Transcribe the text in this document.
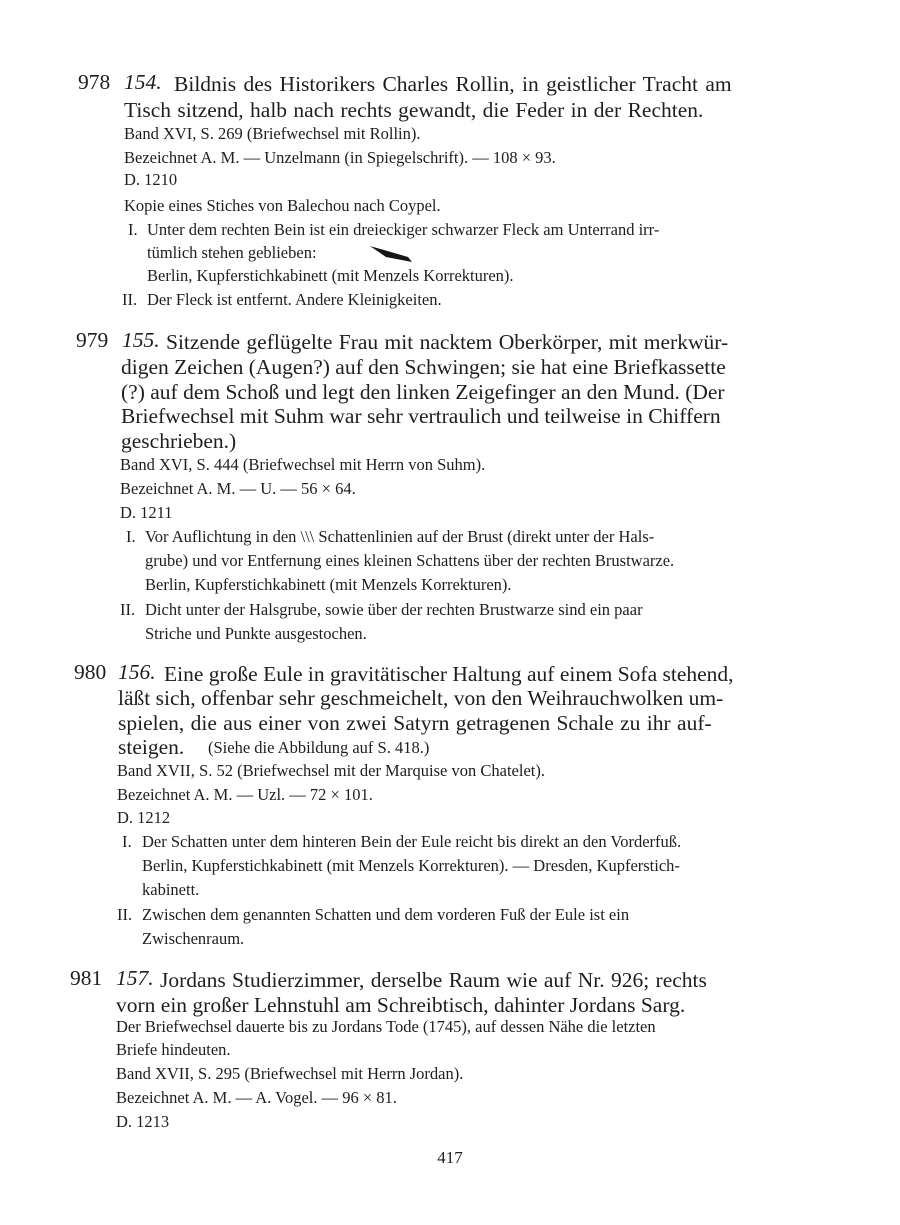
978 154. Bildnis des Historikers Charles Rollin, in geistlicher Tracht am
Tisch sitzend, halb nach rechts gewandt, die Feder in der Rechten.
Band XVI, S. 269 (Briefwechsel mit Rollin).
Bezeichnet A. M. — Unzelmann (in Spiegelschrift). — 108 × 93.
D. 1210
Kopie eines Stiches von Balechou nach Coypel.
I. Unter dem rechten Bein ist ein dreieckiger schwarzer Fleck am Unterrand irr-
tümlich stehen geblieben:
Berlin, Kupferstichkabinett (mit Menzels Korrekturen).
II. Der Fleck ist entfernt. Andere Kleinigkeiten.
979 155. Sitzende geflügelte Frau mit nacktem Oberkörper, mit merkwür-
digen Zeichen (Augen?) auf den Schwingen; sie hat eine Briefkassette
(?) auf dem Schoß und legt den linken Zeigefinger an den Mund. (Der
Briefwechsel mit Suhm war sehr vertraulich und teilweise in Chiffern
geschrieben.)
Band XVI, S. 444 (Briefwechsel mit Herrn von Suhm).
Bezeichnet A. M. — U. — 56 × 64.
D. 1211
I. Vor Auflichtung in den \\\ Schattenlinien auf der Brust (direkt unter der Hals-
grube) und vor Entfernung eines kleinen Schattens über der rechten Brustwarze.
Berlin, Kupferstichkabinett (mit Menzels Korrekturen).
II. Dicht unter der Halsgrube, sowie über der rechten Brustwarze sind ein paar
Striche und Punkte ausgestochen.
980 156. Eine große Eule in gravitätischer Haltung auf einem Sofa stehend,
läßt sich, offenbar sehr geschmeichelt, von den Weihrauchwolken um-
spielen, die aus einer von zwei Satyrn getragenen Schale zu ihr auf-
steigen. (Siehe die Abbildung auf S. 418.)
Band XVII, S. 52 (Briefwechsel mit der Marquise von Chatelet).
Bezeichnet A. M. — Uzl. — 72 × 101.
D. 1212
I. Der Schatten unter dem hinteren Bein der Eule reicht bis direkt an den Vorderfuß.
Berlin, Kupferstichkabinett (mit Menzels Korrekturen). — Dresden, Kupferstich-
kabinett.
II. Zwischen dem genannten Schatten und dem vorderen Fuß der Eule ist ein
Zwischenraum.
981 157. Jordans Studierzimmer, derselbe Raum wie auf Nr. 926; rechts
vorn ein großer Lehnstuhl am Schreibtisch, dahinter Jordans Sarg.
Der Briefwechsel dauerte bis zu Jordans Tode (1745), auf dessen Nähe die letzten
Briefe hindeuten.
Band XVII, S. 295 (Briefwechsel mit Herrn Jordan).
Bezeichnet A. M. — A. Vogel. — 96 × 81.
D. 1213
417
